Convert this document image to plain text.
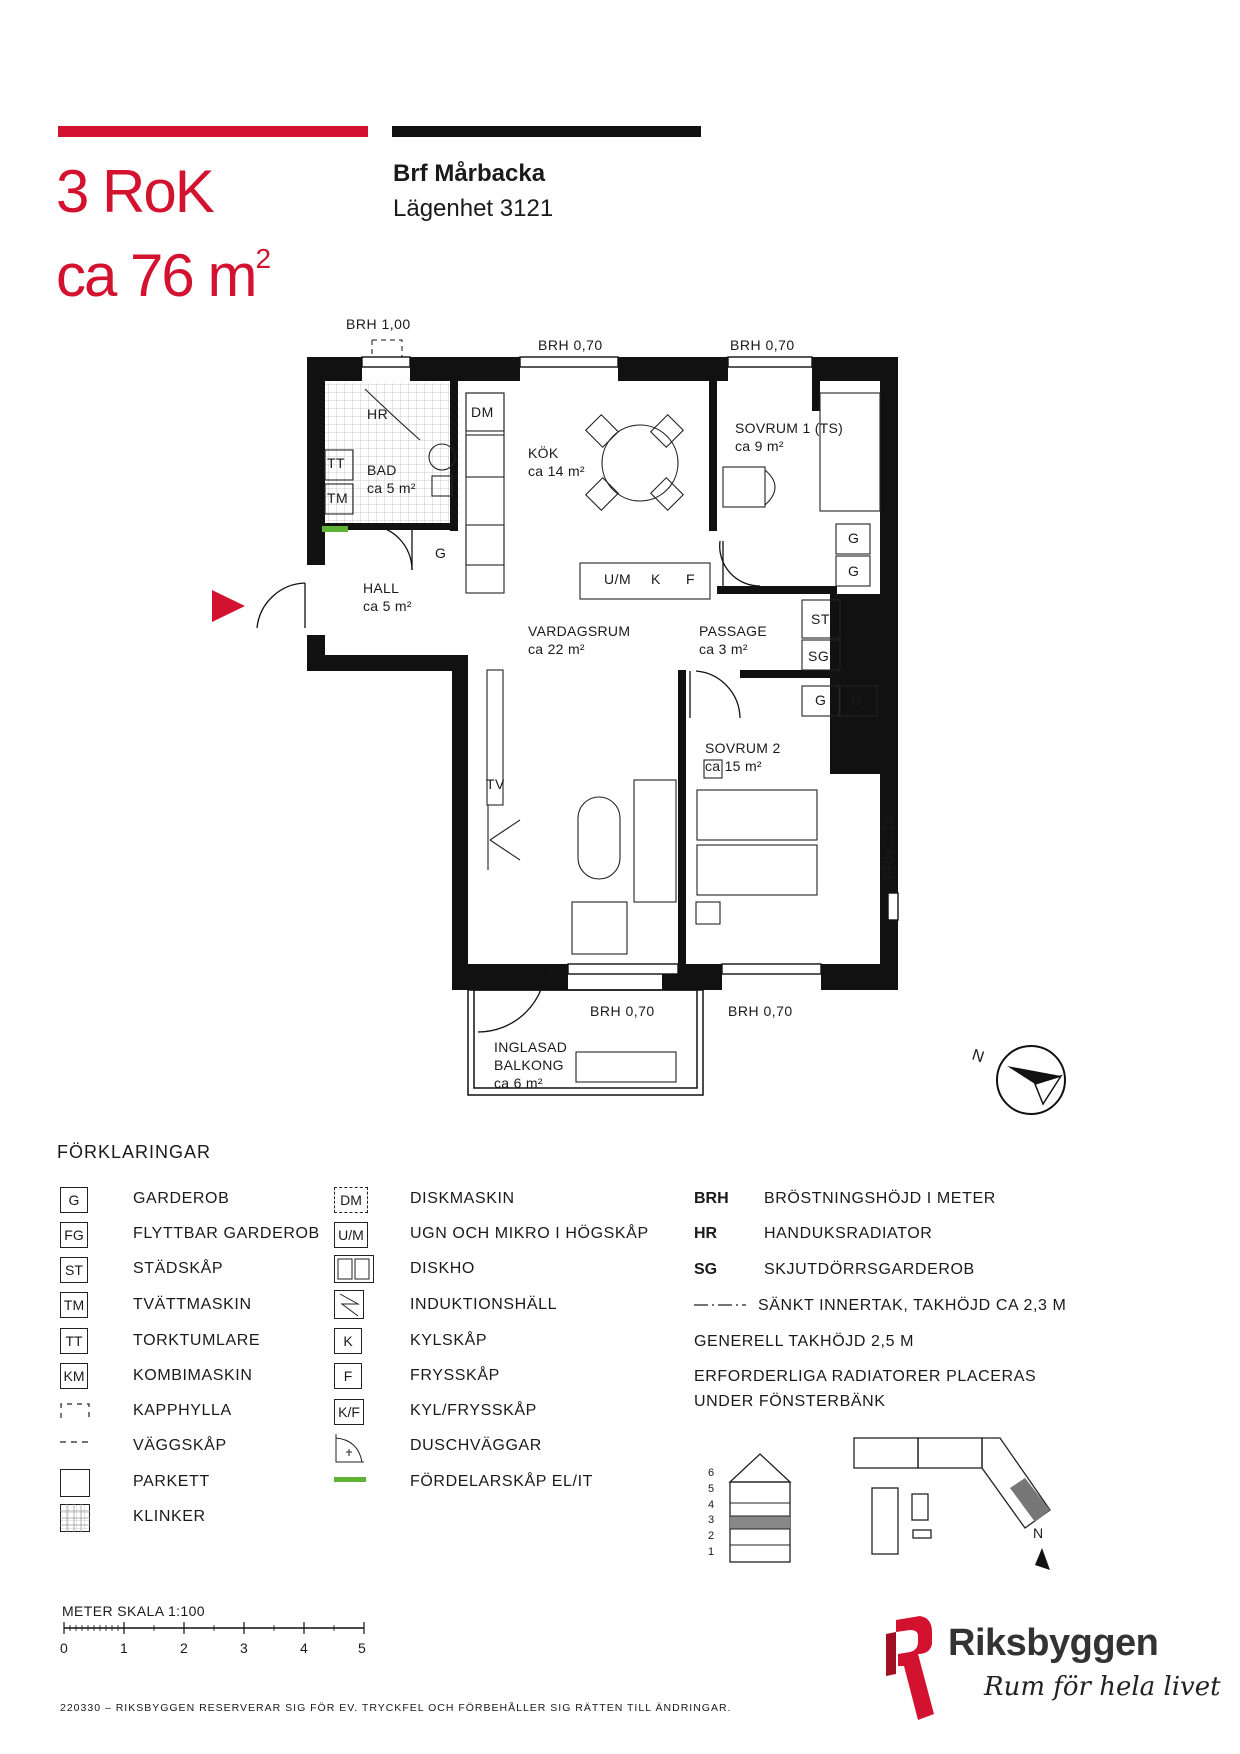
3 RoK
ca 76 $m^2$
Brf Mårbacka
Lägenhet 3121
BRH 1,00
BRH 0,70	BRH 0,70
BRH 0,70
BRH 0,70	BRH 0,70
KÖK
ca 14 m²
SOVRUM 1 (TS)
ca 9 m²
BAD
ca 5 m²
HALL
ca 5 m²
VARDAGSRUM
ca 22 m²
PASSAGE
ca 3 m²
SOVRUM 2
ca 15 m²
INGLASAD
BALKONG
ca 6 m²
HR	DM
TT
TM
G
U/M K F
G
G
ST
SG
G G
TV
N
FÖRKLARINGAR
G	GARDEROB
FG	FLYTTBAR GARDEROB
ST	STÄDSKÅP
TM	TVÄTTMASKIN
TT	TORKTUMLARE
KM	KOMBIMASKIN
KAPPHYLLA
VÄGGSKÅP
PARKETT
KLINKER
DM	DISKMASKIN
U/M	UGN OCH MIKRO I HÖGSKÅP
DISKHO
INDUKTIONSHÄLL
K	KYLSKÅP
F	FRYSSKÅP
K/F	KYL/FRYSSKÅP
DUSCHVÄGGAR
FÖRDELARSKÅP EL/IT
BRH BRÖSTNINGSHÖJD I METER
HR	HANDUKSRADIATOR
SG	SKJUTDÖRRSGARDEROB
SÄNKT INNERTAK, TAKHÖJD CA 2,3 M
GENERELL TAKHÖJD 2,5 M
ERFORDERLIGA RADIATORER PLACERAS
UNDER FÖNSTERBÄNK
6
5
4
3
2
1
N
METER SKALA 1:100
0	1	2	3	4	5
220330 – RIKSBYGGEN RESERVERAR SIG FÖR EV. TRYCKFEL OCH FÖRBEHÅLLER SIG RÄTTEN TILL ÄNDRINGAR.
Riksbyggen
Rum för hela livet
